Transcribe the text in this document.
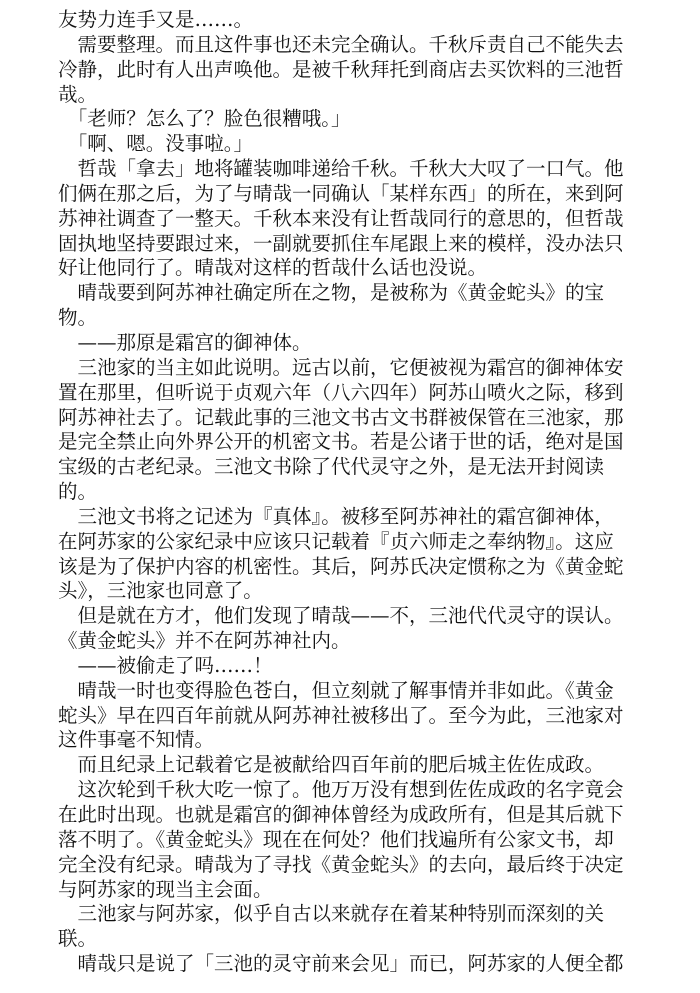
友势力连手又是……。
　需要整理。而且这件事也还未完全确认。千秋斥责自己不能失去
冷静，此时有人出声唤他。是被千秋拜托到商店去买饮料的三池哲
哉。
　「老师？怎么了？脸色很糟哦。」
　「啊、嗯。没事啦。」
　哲哉「拿去」地将罐装咖啡递给千秋。千秋大大叹了一口气。他
们俩在那之后，为了与晴哉一同确认「某样东西」的所在，来到阿
苏神社调查了一整天。千秋本来没有让哲哉同行的意思的，但哲哉
固执地坚持要跟过来，一副就要抓住车尾跟上来的模样，没办法只
好让他同行了。晴哉对这样的哲哉什么话也没说。
　晴哉要到阿苏神社确定所在之物，是被称为《黄金蛇头》的宝
物。
　——那原是霜宫的御神体。
　三池家的当主如此说明。远古以前，它便被视为霜宫的御神体安
置在那里，但听说于贞观六年（八六四年）阿苏山喷火之际，移到
阿苏神社去了。记载此事的三池文书古文书群被保管在三池家，那
是完全禁止向外界公开的机密文书。若是公诸于世的话，绝对是国
宝级的古老纪录。三池文书除了代代灵守之外，是无法开封阅读
的。
　三池文书将之记述为『真体』。被移至阿苏神社的霜宫御神体，
在阿苏家的公家纪录中应该只记载着『贞六师走之奉纳物』。这应
该是为了保护内容的机密性。其后，阿苏氏决定惯称之为《黄金蛇
头》，三池家也同意了。
　但是就在方才，他们发现了晴哉——不，三池代代灵守的误认。
《黄金蛇头》并不在阿苏神社内。
　——被偷走了吗……！
　晴哉一时也变得脸色苍白，但立刻就了解事情并非如此。《黄金
蛇头》早在四百年前就从阿苏神社被移出了。至今为此，三池家对
这件事毫不知情。
　而且纪录上记载着它是被献给四百年前的肥后城主佐佐成政。
　这次轮到千秋大吃一惊了。他万万没有想到佐佐成政的名字竟会
在此时出现。也就是霜宫的御神体曾经为成政所有，但是其后就下
落不明了。《黄金蛇头》现在在何处？他们找遍所有公家文书，却
完全没有纪录。晴哉为了寻找《黄金蛇头》的去向，最后终于决定
与阿苏家的现当主会面。
　三池家与阿苏家，似乎自古以来就存在着某种特别而深刻的关
联。
　晴哉只是说了「三池的灵守前来会见」而已，阿苏家的人便全都
